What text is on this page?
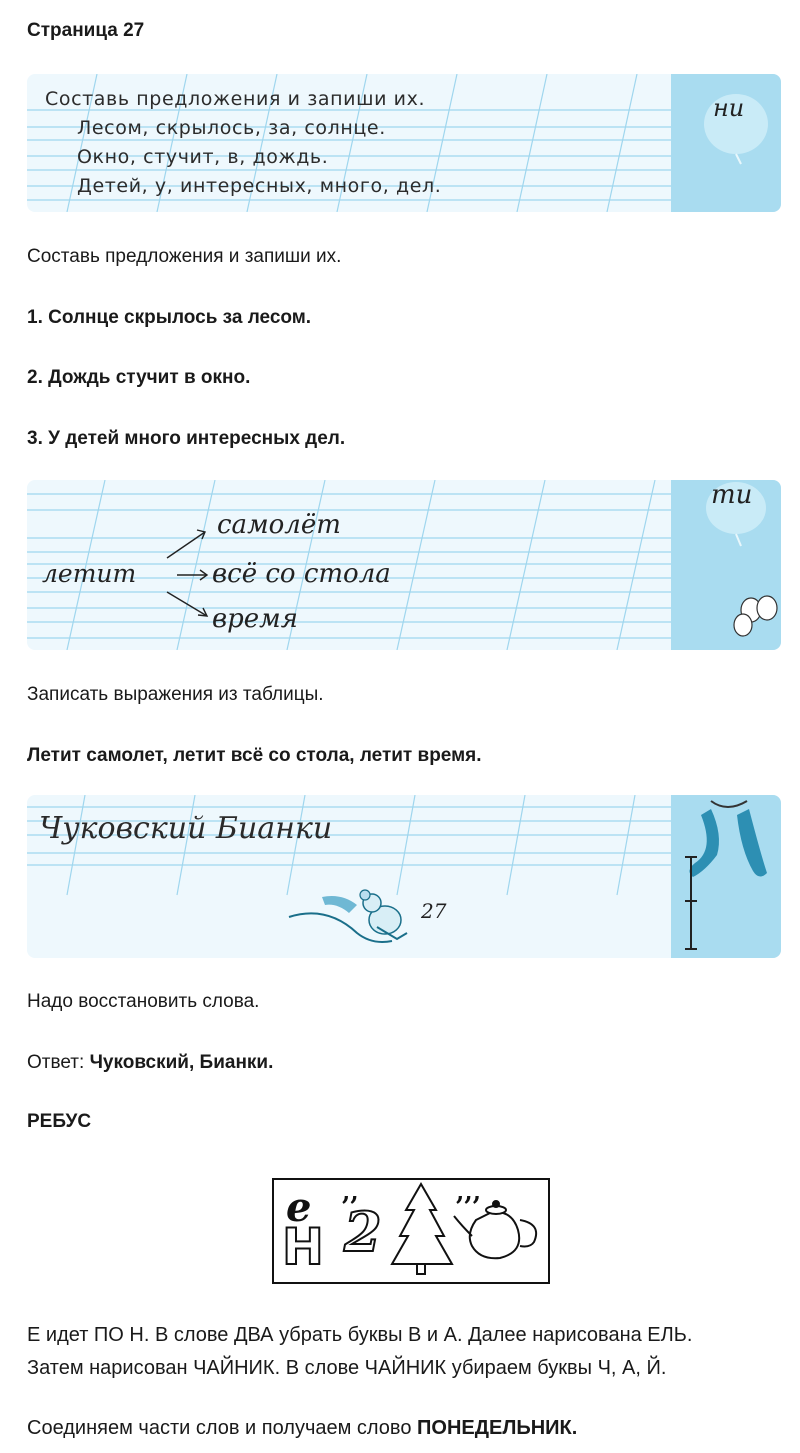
Страница 27
ни
Составь предложения и запиши их.
Лесом, скрылось, за, солнце.
Окно, стучит, в, дождь.
Детей, у, интересных, много, дел.
Составь предложения и запиши их.
1. Солнце скрылось за лесом.
2. Дождь стучит в окно.
3. У детей много интересных дел.
ти
летит
самолёт
всё со стола
время
Записать выражения из таблицы.
Летит самолет, летит всё со стола, летит время.
Чуковский Бианки
27
Надо восстановить слова.
Ответ: Чуковский, Бианки.
РЕБУС
е
Н
,,
2
,,,
Е идет ПО Н. В слове ДВА убрать буквы В и А. Далее нарисована ЕЛЬ.
Затем нарисован ЧАЙНИК. В слове ЧАЙНИК убираем буквы Ч, А, Й.
Соединяем части слов и получаем слово ПОНЕДЕЛЬНИК.
